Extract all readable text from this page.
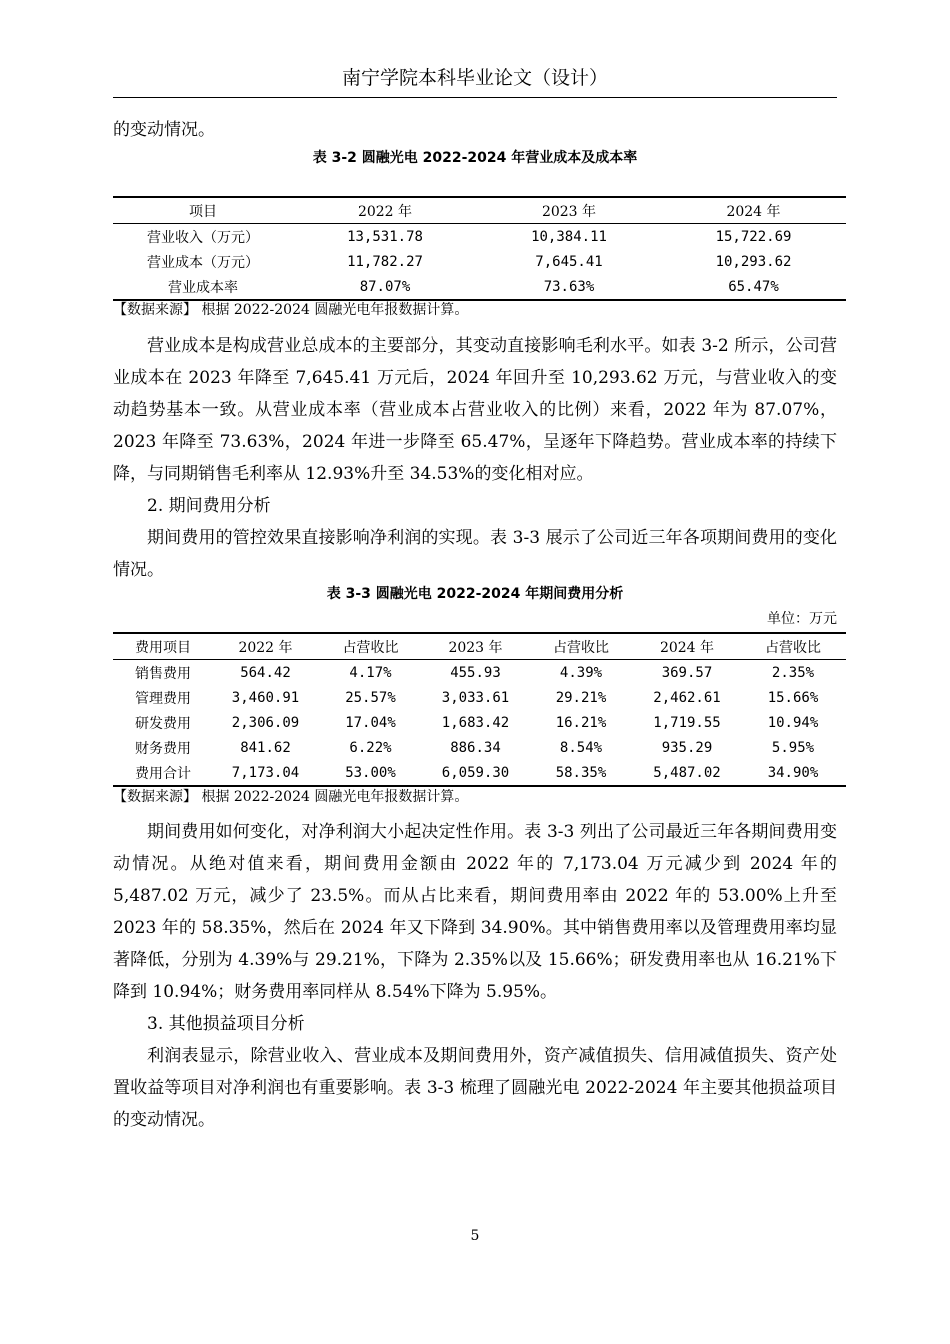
南宁学院本科毕业论文（设计）
的变动情况。
表 3-2 圆融光电 2022-2024 年营业成本及成本率
项目	2022 年	2023 年	2024 年
营业收入（万元）	13,531.78	10,384.11	15,722.69
营业成本（万元）	11,782.27	7,645.41	10,293.62
营业成本率	87.07%	73.63%	65.47%
【数据来源】 根据 2022-2024 圆融光电年报数据计算。
营业成本是构成营业总成本的主要部分，其变动直接影响毛利水平。如表 3-2 所示，公司营业成本在 2023 年降至 7,645.41 万元后，2024 年回升至 10,293.62 万元，与营业收入的变动趋势基本一致。从营业成本率（营业成本占营业收入的比例）来看，2022 年为 87.07%，2023 年降至 73.63%，2024 年进一步降至 65.47%，呈逐年下降趋势。营业成本率的持续下降，与同期销售毛利率从 12.93%升至 34.53%的变化相对应。
2. 期间费用分析
期间费用的管控效果直接影响净利润的实现。表 3-3 展示了公司近三年各项期间费用的变化情况。
表 3-3 圆融光电 2022-2024 年期间费用分析
单位：万元
费用项目	2022 年	占营收比	2023 年	占营收比	2024 年	占营收比
销售费用	564.42	4.17%	455.93	4.39%	369.57	2.35%
管理费用	3,460.91	25.57%	3,033.61	29.21%	2,462.61	15.66%
研发费用	2,306.09	17.04%	1,683.42	16.21%	1,719.55	10.94%
财务费用	841.62	6.22%	886.34	8.54%	935.29	5.95%
费用合计	7,173.04	53.00%	6,059.30	58.35%	5,487.02	34.90%
【数据来源】 根据 2022-2024 圆融光电年报数据计算。
期间费用如何变化，对净利润大小起决定性作用。表 3-3 列出了公司最近三年各期间费用变动情况。从绝对值来看，期间费用金额由 2022 年的 7,173.04 万元减少到 2024 年的 5,487.02 万元，减少了 23.5%。而从占比来看，期间费用率由 2022 年的 53.00%上升至 2023 年的 58.35%，然后在 2024 年又下降到 34.90%。其中销售费用率以及管理费用率均显著降低，分别为 4.39%与 29.21%，下降为 2.35%以及 15.66%；研发费用率也从 16.21%下降到 10.94%；财务费用率同样从 8.54%下降为 5.95%。
3. 其他损益项目分析
利润表显示，除营业收入、营业成本及期间费用外，资产减值损失、信用减值损失、资产处置收益等项目对净利润也有重要影响。表 3-3 梳理了圆融光电 2022-2024 年主要其他损益项目的变动情况。
5
